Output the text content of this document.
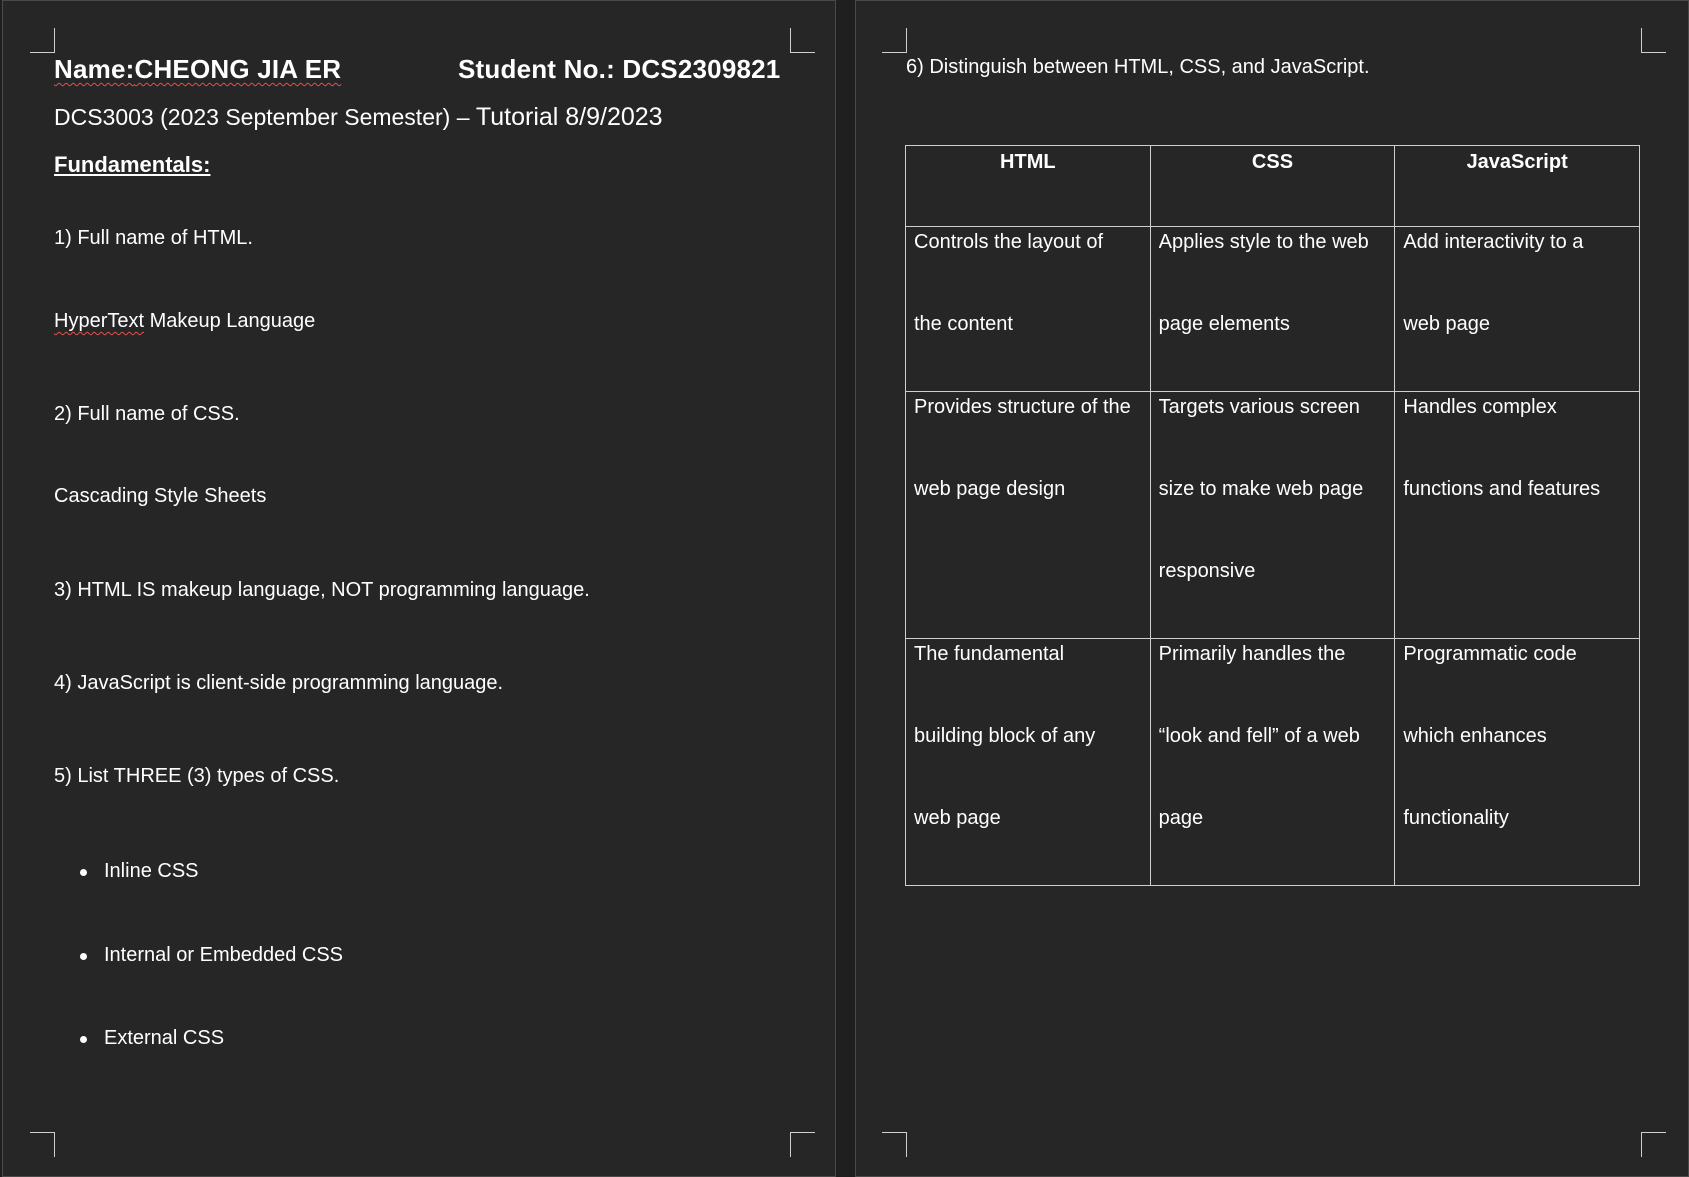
Name:CHEONG JIA ER	Student No.: DCS2309821
DCS3003 (2023 September Semester) – Tutorial 8/9/2023
Fundamentals:
1) Full name of HTML.
HyperText Makeup Language
2) Full name of CSS.
Cascading Style Sheets
3) HTML IS makeup language, NOT programming language.
4) JavaScript is client-side programming language.
5) List THREE (3) types of CSS.
Inline CSS
Internal or Embedded CSS
External CSS
6) Distinguish between HTML, CSS, and JavaScript.
HTML	CSS	JavaScript

Controls the layout of
the content	Applies style to the web
page elements	Add interactivity to a
web page

Provides structure of the
web page design	Targets various screen
size to make web page
responsive	Handles complex
functions and features

The fundamental
building block of any
web page	Primarily handles the
“look and fell” of a web
page	Programmatic code
which enhances
functionality
